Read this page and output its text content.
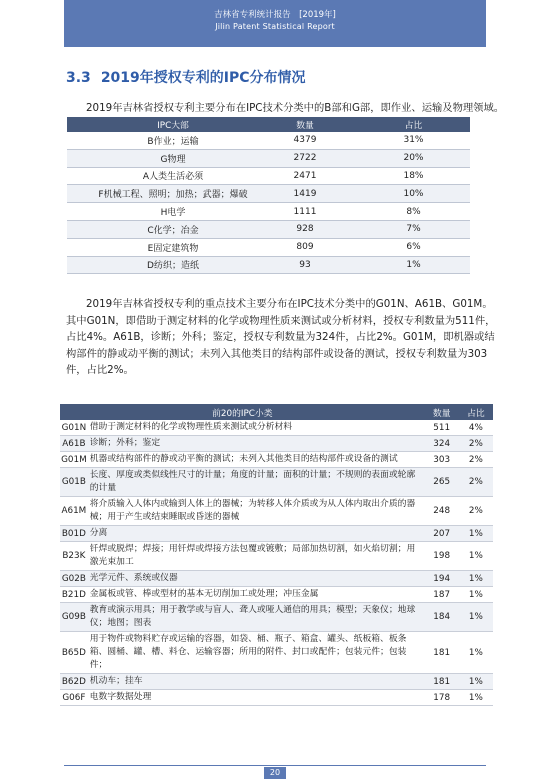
吉林省专利统计报告　[2019年]
Jilin Patent Statistical Report
3.3 2019年授权专利的IPC分布情况
2019年吉林省授权专利主要分布在IPC技术分类中的B部和G部，即作业、运输及物理领域。
IPC大部	数量	占比
B作业；运输	4379	31%
G物理	2722	20%
A人类生活必须	2471	18%
F机械工程、照明；加热；武器；爆破	1419	10%
H电学	1111	8%
C化学；冶金	928	7%
E固定建筑物	809	6%
D纺织；造纸	93	1%
2019年吉林省授权专利的重点技术主要分布在IPC技术分类中的G01N、A61B、G01M。其中G01N，即借助于测定材料的化学或物理性质来测试或分析材料，授权专利数量为511件，占比4%。A61B，诊断；外科；鉴定，授权专利数量为324件，占比2%。G01M，即机器或结构部件的静或动平衡的测试；未列入其他类目的结构部件或设备的测试，授权专利数量为303件，占比2%。
前20的IPC小类		数量	占比
G01N	借助于测定材料的化学或物理性质来测试或分析材料	511	4%
A61B	诊断；外科；鉴定	324	2%
G01M	机器或结构部件的静或动平衡的测试；未列入其他类目的结构部件或设备的测试	303	2%
G01B	长度、厚度或类似线性尺寸的计量；角度的计量；面积的计量；不规则的表面或轮廓的计量	265	2%
A61M	将介质输入人体内或输到人体上的器械；为转移人体介质或为从人体内取出介质的器械；用于产生或结束睡眠或昏迷的器械	248	2%
B01D	分离	207	1%
B23K	钎焊或脱焊；焊接；用钎焊或焊接方法包覆或镀敷；局部加热切割，如火焰切割；用激光束加工	198	1%
G02B	光学元件、系统或仪器	194	1%
B21D	金属板或管、棒或型材的基本无切削加工或处理；冲压金属	187	1%
G09B	教育或演示用具；用于教学或与盲人、聋人或哑人通信的用具；模型；天象仪；地球仪；地图；图表	184	1%
B65D	用于物件或物料贮存或运输的容器，如袋、桶、瓶子、箱盒、罐头、纸板箱、板条箱、圆桶、罐、槽、料仓、运输容器；所用的附件、封口或配件；包装元件；包装件；	181	1%
B62D	机动车；挂车	181	1%
G06F	电数字数据处理	178	1%
20
